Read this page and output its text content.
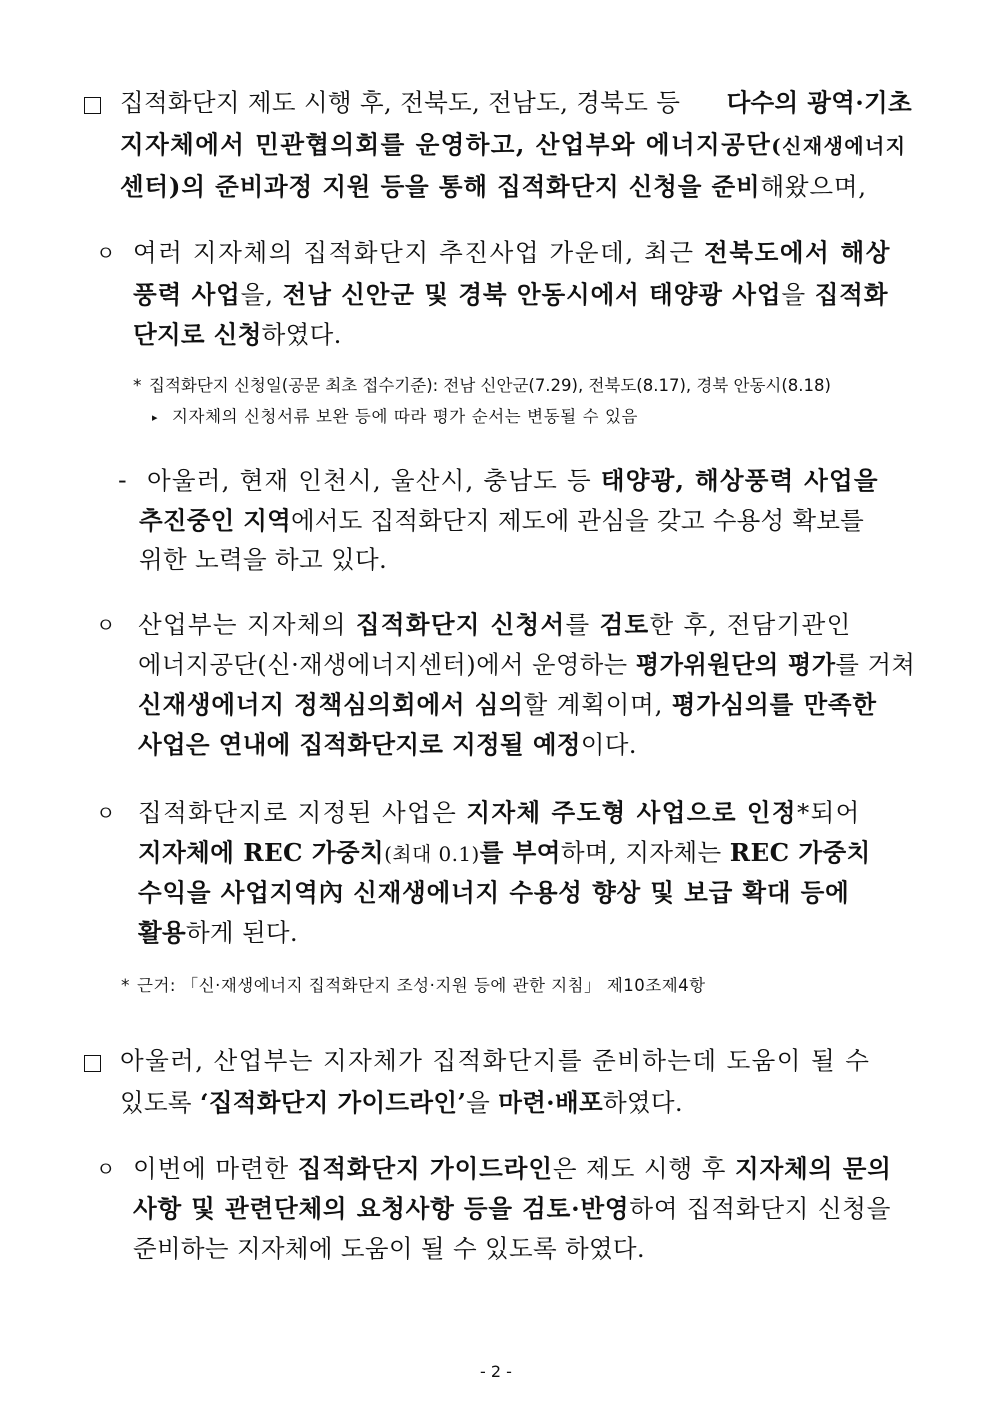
집적화단지 제도 시행 후, 전북도, 전남도, 경북도 등 다수의 광역·기초
지자체에서 민관협의회를 운영하고, 산업부와 에너지공단(신재생에너지
센터)의 준비과정 지원 등을 통해 집적화단지 신청을 준비해왔으며,
ㅇ 여러 지자체의 집적화단지 추진사업 가운데, 최근 전북도에서 해상
풍력 사업을, 전남 신안군 및 경북 안동시에서 태양광 사업을 집적화
단지로 신청하였다.
* 집적화단지 신청일(공문 최초 접수기준): 전남 신안군(7.29), 전북도(8.17), 경북 안동시(8.18)
▸ 지자체의 신청서류 보완 등에 따라 평가 순서는 변동될 수 있음
- 아울러, 현재 인천시, 울산시, 충남도 등 태양광, 해상풍력 사업을
추진중인 지역에서도 집적화단지 제도에 관심을 갖고 수용성 확보를
위한 노력을 하고 있다.
ㅇ 산업부는 지자체의 집적화단지 신청서를 검토한 후, 전담기관인
에너지공단(신·재생에너지센터)에서 운영하는 평가위원단의 평가를 거쳐
신재생에너지 정책심의회에서 심의할 계획이며, 평가심의를 만족한
사업은 연내에 집적화단지로 지정될 예정이다.
ㅇ 집적화단지로 지정된 사업은 지자체 주도형 사업으로 인정*되어
지자체에 REC 가중치(최대 0.1)를 부여하며, 지자체는 REC 가중치
수익을 사업지역內 신재생에너지 수용성 향상 및 보급 확대 등에
활용하게 된다.
* 근거: 「신·재생에너지 집적화단지 조성·지원 등에 관한 지침」 제10조제4항
아울러, 산업부는 지자체가 집적화단지를 준비하는데 도움이 될 수
있도록 ‘집적화단지 가이드라인’을 마련·배포하였다.
ㅇ 이번에 마련한 집적화단지 가이드라인은 제도 시행 후 지자체의 문의
사항 및 관련단체의 요청사항 등을 검토·반영하여 집적화단지 신청을
준비하는 지자체에 도움이 될 수 있도록 하였다.
- 2 -
